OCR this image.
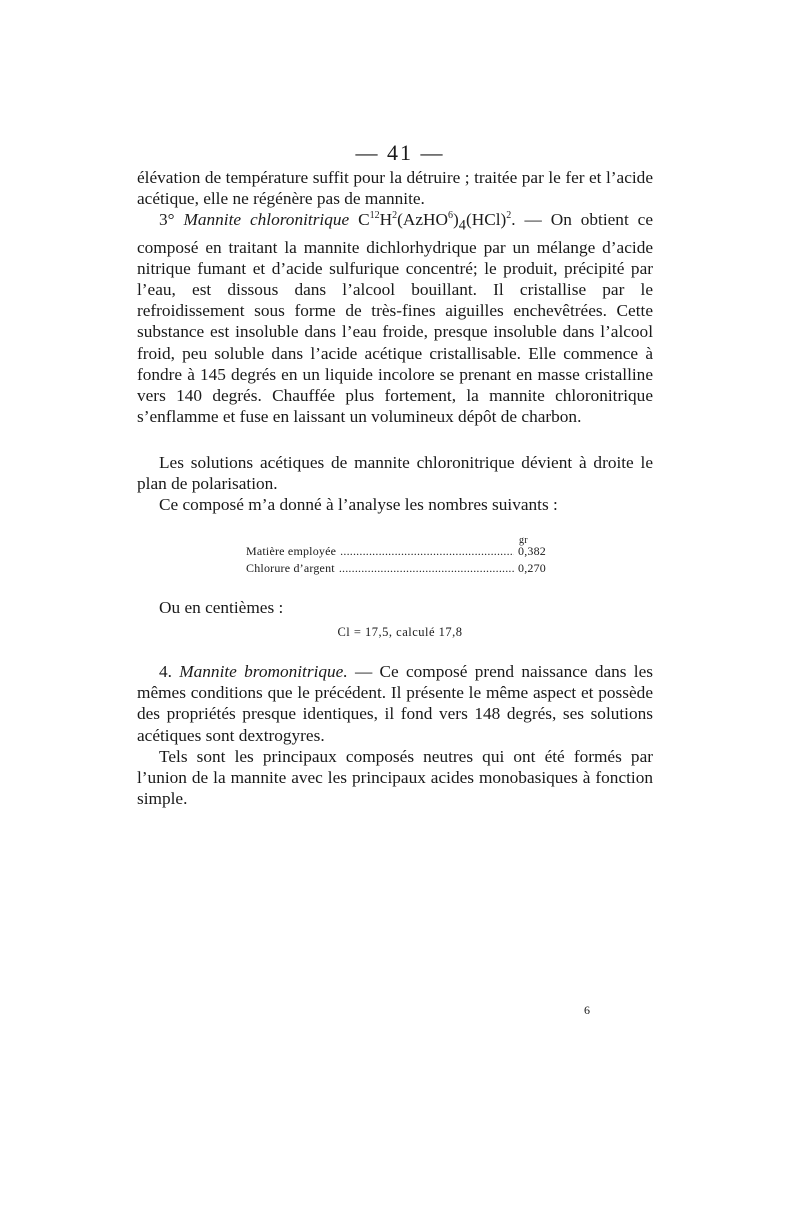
— 41 —

élévation de température suffit pour la détruire ; traitée par le fer et l’acide acétique, elle ne régénère pas de mannite.

3° Mannite chloronitrique $C^{12}H^2(AzHO^6)_4(HCl)^2$. — On obtient ce composé en traitant la mannite dichlorhydrique par un mélange d’acide nitrique fumant et d’acide sulfurique concentré; le produit, précipité par l’eau, est dissous dans l’alcool bouillant. Il cristallise par le refroidissement sous forme de très-fines aiguilles enchevêtrées. Cette substance est insoluble dans l’eau froide, presque insoluble dans l’alcool froid, peu soluble dans l’acide acétique cristallisable. Elle commence à fondre à 145 degrés en un liquide incolore se prenant en masse cristalline vers 140 degrés. Chauffée plus fortement, la mannite chloronitrique s’enflamme et fuse en laissant un volumineux dépôt de charbon.

Les solutions acétiques de mannite chloronitrique dévient à droite le plan de polarisation.

Ce composé m’a donné à l’analyse les nombres suivants :

gr
Matière employée .....	0,382
Chlorure d’argent .....	0,270

Ou en centièmes :

Cl = 17,5, calculé 17,8

4. Mannite bromonitrique. — Ce composé prend naissance dans les mêmes conditions que le précédent. Il présente le même aspect et possède des propriétés presque identiques, il fond vers 148 degrés, ses solutions acétiques sont dextrogyres.

Tels sont les principaux composés neutres qui ont été formés par l’union de la mannite avec les principaux acides monobasiques à fonction simple.

6
